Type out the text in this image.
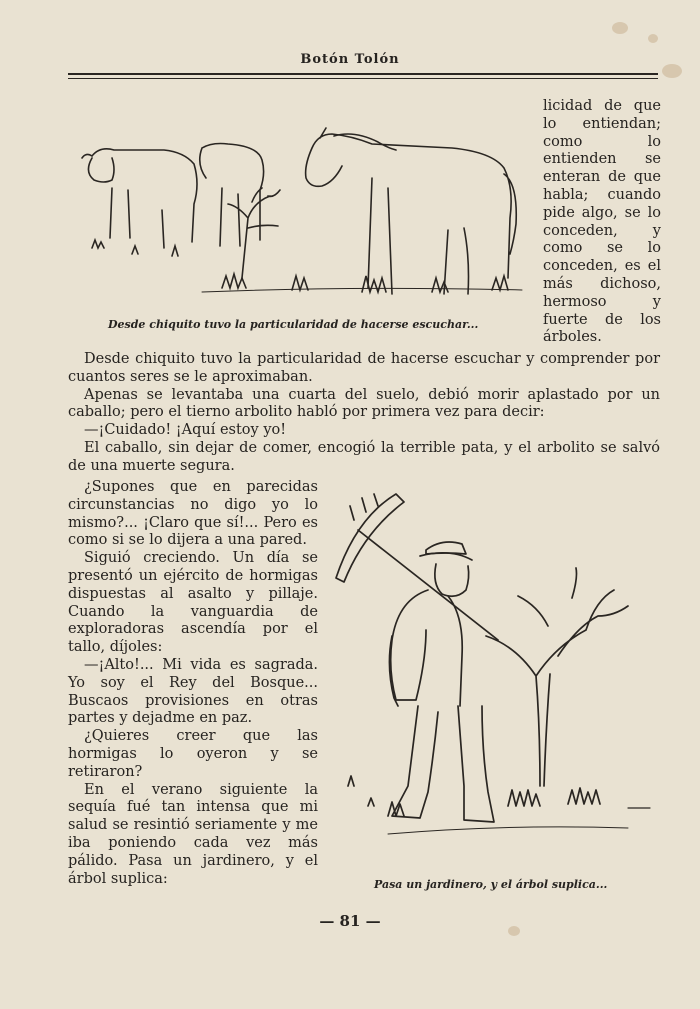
Botón Tolón

licidad de que lo entiendan; como lo entienden se enteran de que habla; cuando pide algo, se lo conceden, y como se lo conceden, es el más dichoso, hermoso y fuerte de los árboles.

Desde chiquito tuvo la particularidad de hacerse escuchar...

Desde chiquito tuvo la particularidad de hacerse escuchar y comprender por cuantos seres se le aproximaban.

Apenas se levantaba una cuarta del suelo, debió morir aplastado por un caballo; pero el tierno arbolito habló por primera vez para decir:

—¡Cuidado! ¡Aquí estoy yo!

El caballo, sin dejar de comer, encogió la terrible pata, y el arbolito se salvó de una muerte segura.

¿Supones que en parecidas circunstancias no digo yo lo mismo?... ¡Claro que sí!... Pero es como si se lo dijera a una pared.

Siguió creciendo. Un día se presentó un ejército de hormigas dispuestas al asalto y pillaje. Cuando la vanguardia de exploradoras ascendía por el tallo, díjoles:

—¡Alto!... Mi vida es sagrada. Yo soy el Rey del Bosque... Buscaos provisiones en otras partes y dejadme en paz.

¿Quieres creer que las hormigas lo oyeron y se retiraron?

En el verano siguiente la sequía fué tan intensa que mi salud se resintió seriamente y me iba poniendo cada vez más pálido. Pasa un jardinero, y el árbol suplica:	Pasa un jardinero, y el árbol suplica...

— 81 —
